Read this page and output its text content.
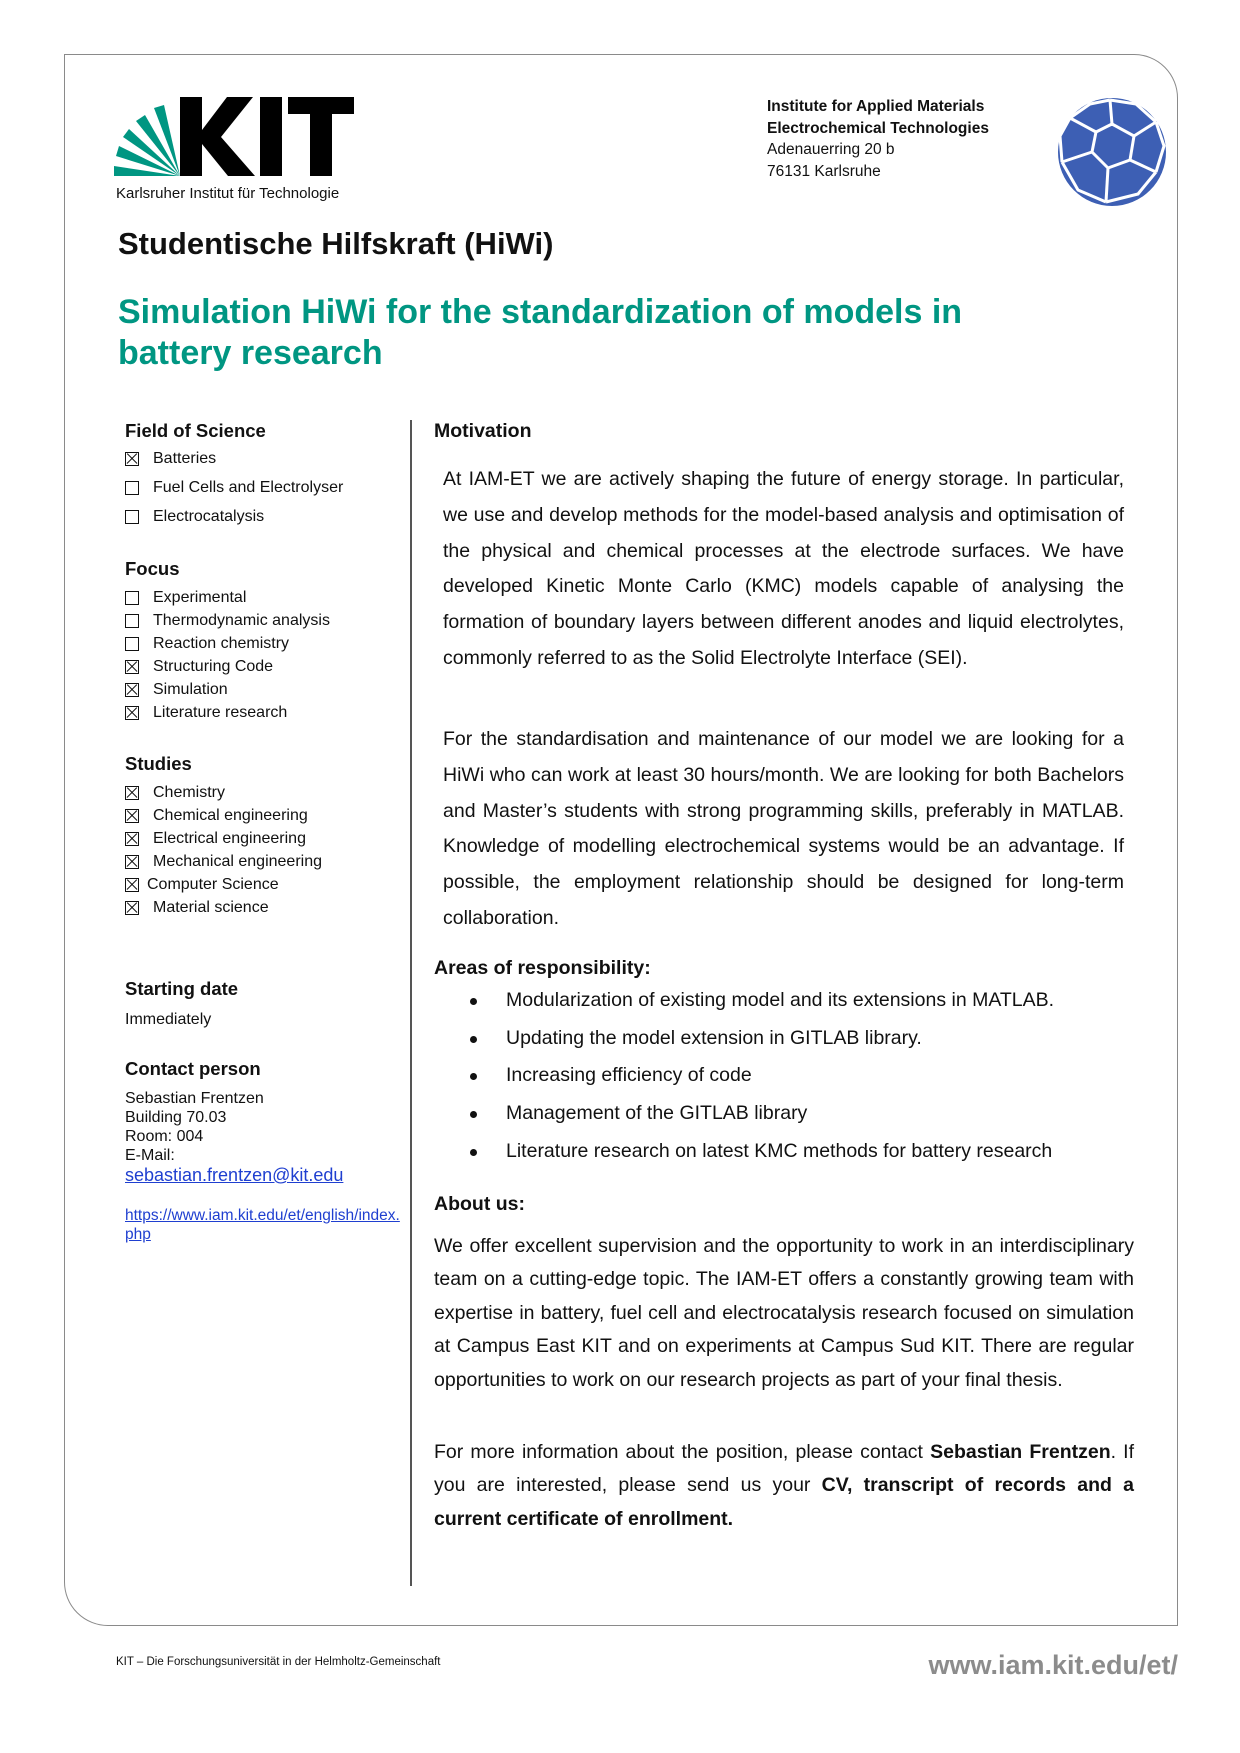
Karlsruher Institut für Technologie
Institute for Applied Materials
Electrochemical Technologies
Adenauerring 20 b
76131 Karlsruhe
Studentische Hilfskraft (HiWi)
Simulation HiWi for the standardization of models in battery research
Field of Science
Batteries
Fuel Cells and Electrolyser
Electrocatalysis
Focus
Experimental
Thermodynamic analysis
Reaction chemistry
Structuring Code
Simulation
Literature research
Studies
Chemistry
Chemical engineering
Electrical engineering
Mechanical engineering
Computer Science
Material science
Starting date
Immediately
Contact person
Sebastian Frentzen
Building 70.03
Room: 004
E-Mail:
sebastian.frentzen@kit.edu
https://www.iam.kit.edu/et/english/index.php
Motivation
At IAM-ET we are actively shaping the future of energy storage. In particular, we use and develop methods for the model-based analysis and optimisation of the physical and chemical processes at the electrode surfaces. We have developed Kinetic Monte Carlo (KMC) models capable of analysing the formation of boundary layers between different anodes and liquid electrolytes, commonly referred to as the Solid Electrolyte Interface (SEI).
For the standardisation and maintenance of our model we are looking for a HiWi who can work at least 30 hours/month. We are looking for both Bachelors and Master’s students with strong programming skills, preferably in MATLAB. Knowledge of modelling electrochemical systems would be an advantage. If possible, the employment relationship should be designed for long-term collaboration.
Areas of responsibility:
Modularization of existing model and its extensions in MATLAB.
Updating the model extension in GITLAB library.
Increasing efficiency of code
Management of the GITLAB library
Literature research on latest KMC methods for battery research
About us:
We offer excellent supervision and the opportunity to work in an interdisciplinary team on a cutting-edge topic. The IAM-ET offers a constantly growing team with expertise in battery, fuel cell and electrocatalysis research focused on simulation at Campus East KIT and on experiments at Campus Sud KIT. There are regular opportunities to work on our research projects as part of your final thesis.
For more information about the position, please contact Sebastian Frentzen. If you are interested, please send us your CV, transcript of records and a current certificate of enrollment.
KIT – Die Forschungsuniversität in der Helmholtz-Gemeinschaft	www.iam.kit.edu/et/
